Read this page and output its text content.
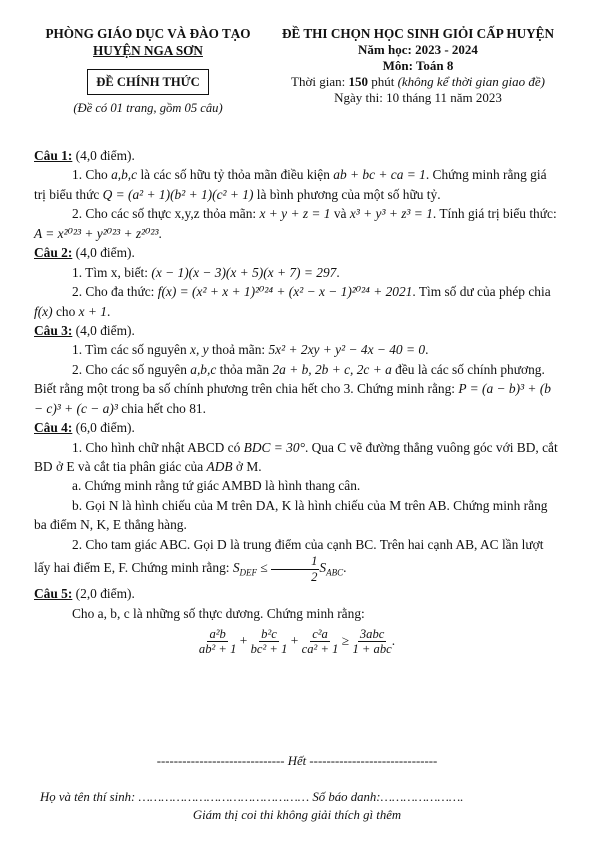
PHÒNG GIÁO DỤC VÀ ĐÀO TẠO
HUYỆN NGA SƠN
ĐỀ CHÍNH THỨC
(Đề có 01 trang, gồm 05 câu)
ĐỀ THI CHỌN HỌC SINH GIỎI CẤP HUYỆN
Năm học: 2023 - 2024
Môn: Toán 8
Thời gian: 150 phút (không kể thời gian giao đề)
Ngày thi: 10 tháng 11 năm 2023

Câu 1: (4,0 điểm).

1. Cho a,b,c là các số hữu tỷ thỏa mãn điều kiện ab + bc + ca = 1. Chứng minh rằng giá trị biểu thức Q = (a² + 1)(b² + 1)(c² + 1) là bình phương của một số hữu tỷ.

2. Cho các số thực x,y,z thỏa mãn: x + y + z = 1 và x³ + y³ + z³ = 1. Tính giá trị biểu thức: A = x²⁰²³ + y²⁰²³ + z²⁰²³.

Câu 2: (4,0 điểm).

1. Tìm x, biết: (x − 1)(x − 3)(x + 5)(x + 7) = 297.

2. Cho đa thức: f(x) = (x² + x + 1)²⁰²⁴ + (x² − x − 1)²⁰²⁴ + 2021. Tìm số dư của phép chia f(x) cho x + 1.

Câu 3: (4,0 điểm).

1. Tìm các số nguyên x, y thoả mãn: 5x² + 2xy + y² − 4x − 40 = 0.

2. Cho các số nguyên a,b,c thỏa mãn 2a + b, 2b + c, 2c + a đều là các số chính phương. Biết rằng một trong ba số chính phương trên chia hết cho 3. Chứng minh rằng: P = (a − b)³ + (b − c)³ + (c − a)³ chia hết cho 81.

Câu 4: (6,0 điểm).

1. Cho hình chữ nhật ABCD có BDC = 30°. Qua C vẽ đường thẳng vuông góc với BD, cắt BD ở E và cắt tia phân giác của ADB ở M.

a. Chứng minh rằng tứ giác AMBD là hình thang cân.

b. Gọi N là hình chiếu của M trên DA, K là hình chiếu của M trên AB. Chứng minh rằng ba điểm N, K, E thẳng hàng.

2. Cho tam giác ABC. Gọi D là trung điểm của cạnh BC. Trên hai cạnh AB, AC lần lượt lấy hai điểm E, F. Chứng minh rằng: $S_{DEF} \le \frac{1}{2} S_{ABC}$.

Câu 5: (2,0 điểm).

Cho a, b, c là những số thực dương. Chứng minh rằng:

$\frac{\text{a²b}}{\text{ab² + 1}} + \frac{\text{b²c}}{\text{bc² + 1}} + \frac{\text{c²a}}{\text{ca² + 1}} \ge \frac{\text{3abc}}{\text{1 + abc}}$ .
------------------------------ Hết ------------------------------
Họ và tên thí sinh: ……………………………………… Số báo danh:………………….
Giám thị coi thi không giải thích gì thêm
